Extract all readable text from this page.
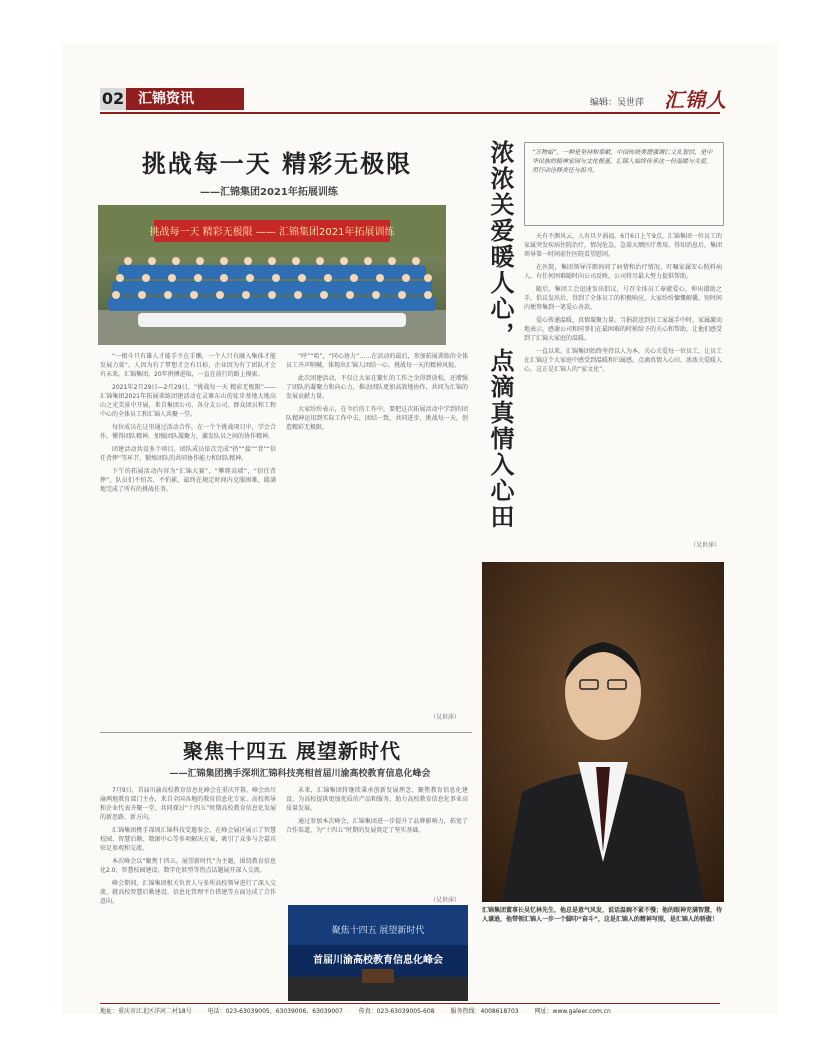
02 汇锦资讯	编辑：吴世萍 汇锦人
挑战每一天 精彩无极限
——汇锦集团2021年拓展训练
挑战每一天 精彩无极限 —— 汇锦集团2021年拓展训练

“一根斗只有雄人才能手不在手懒，一个人只有融入集体才能发展力量”，人因为有了梦想才会有目标，企业因为有了团队才会有未来。汇锦集团，20年拼搏进取，一直在前行的路上摸索。

2021年2月29日—2月29日，“挑战每一天 精彩无极限”——汇锦集团2021年拓展训练团建活动在灵寨东山的徒步基地大地高山之光美景中开展，来自集团公司、各分支公司、群众团员和工程中心的全体员工和汇锦人共聚一堂。

每位成员在这里通过活动合作，在一个个挑战项目中，学会合作，懂得团队精神，加强团队凝聚力，激发队员之间的协作精神。

团建活动共设多个项目，团队成员依次完成“扔”“接”“背”“信任背摔”等环节，锻炼团队的共同协作能力和团队精神。

下午的拓展活动内容为“汇锦大赛”，“攀爬高墙”，“信任背摔”，队员们不怕苦、不怕累，最终在规定时间内克服困难，圆满地完成了所有的挑战任务。

“呼”“哈”，“同心协力”……在活动的最后，参加拓展训练的全体员工齐声呐喊，体现出汇锦人团结一心，挑战每一天的精神风貌。

此次团建活动，不仅让大家在繁忙的工作之余得到放松，还增强了团队的凝聚力和向心力，推动团队更加高效地协作，共同为汇锦的发展贡献力量。

大家纷纷表示，在今后的工作中，要把这次拓展活动中学到的团队精神运用到实际工作中去，团结一致，共同进步，挑战每一天，创造精彩无极限。

（吴世萍）
浓浓关爱暖人心，点滴真情入心田	“万物始”，一种是坚持和奉献，中国传统美德强调仁义礼智信，是中华民族的精神家园与文化根基，汇锦人始终传承这一份温暖与关爱，用行动诠释责任与担当。

天有不测风云，人有旦夕祸福。6月6日上午9点，汇锦集团一位员工的家属突发疾病住院治疗，情况危急，急需大额医疗费用。得知消息后，集团领导第一时间前往医院看望慰问。

在医院，集团领导详细询问了病情和治疗情况，叮嘱家属安心照料病人，有任何困难随时向公司反映，公司将尽最大努力提供帮助。

随后，集团工会迅速发出倡议，号召全体员工奉献爱心，伸出援助之手。倡议发出后，得到了全体员工的积极响应，大家纷纷慷慨解囊，短时间内便筹集到一笔爱心善款。

爱心传递温暖，真情凝聚力量。当捐款送到员工家属手中时，家属激动地表示，感谢公司和同事们在最困难的时候给予的关心和帮助，让他们感受到了汇锦大家庭的温暖。

一直以来，汇锦集团始终坚持以人为本，关心关爱每一位员工，让员工在汇锦这个大家庭中感受到温暖和归属感。点滴真情入心田，浓浓关爱暖人心，这正是汇锦人的“家文化”。

（吴世萍）
汇锦集团董事长吴忆林先生，他总是意气风发，说话温婉不紧不慢；他的眼神充满智慧，待人谦逊，他带领汇锦人一步一个脚印“奋斗”，这是汇锦人的精神写照，是汇锦人的骄傲！
聚焦十四五 展望新时代
——汇锦集团携手深圳汇锦科技亮相首届川渝高校教育信息化峰会

7月9日，首届川渝高校教育信息化峰会在重庆开幕，峰会由川渝两地教育部门主办，来自全国各地的教育信息化专家、高校领导和企业代表齐聚一堂，共同探讨“十四五”时期高校教育信息化发展的新思路、新方向。

汇锦集团携手深圳汇锦科技受邀参会，在峰会展区展示了智慧校园、智慧后勤、数据中心等多项解决方案，吸引了众多与会嘉宾驻足参观和交流。

本次峰会以“聚焦十四五，展望新时代”为主题，围绕教育信息化2.0、智慧校园建设、数字化转型等热点话题展开深入交流。

峰会期间，汇锦集团相关负责人与多所高校领导进行了深入交流，就高校智慧后勤建设、信息化管理平台搭建等方面达成了合作意向。

未来，汇锦集团将继续秉承创新发展理念，聚焦教育信息化建设，为高校提供更加优质的产品和服务，助力高校教育信息化事业高质量发展。

通过参加本次峰会，汇锦集团进一步提升了品牌影响力，拓宽了合作渠道，为“十四五”时期的发展奠定了坚实基础。

（吴世萍）
聚焦十四五 展望新时代
首届川渝高校教育信息化峰会
地址：重庆市江北区洋河二村18号	电话：023-63039005、63039006、63039007	传真：023-63039005-608	服务热线：4008618703	网址：www.galeer.com.cn
